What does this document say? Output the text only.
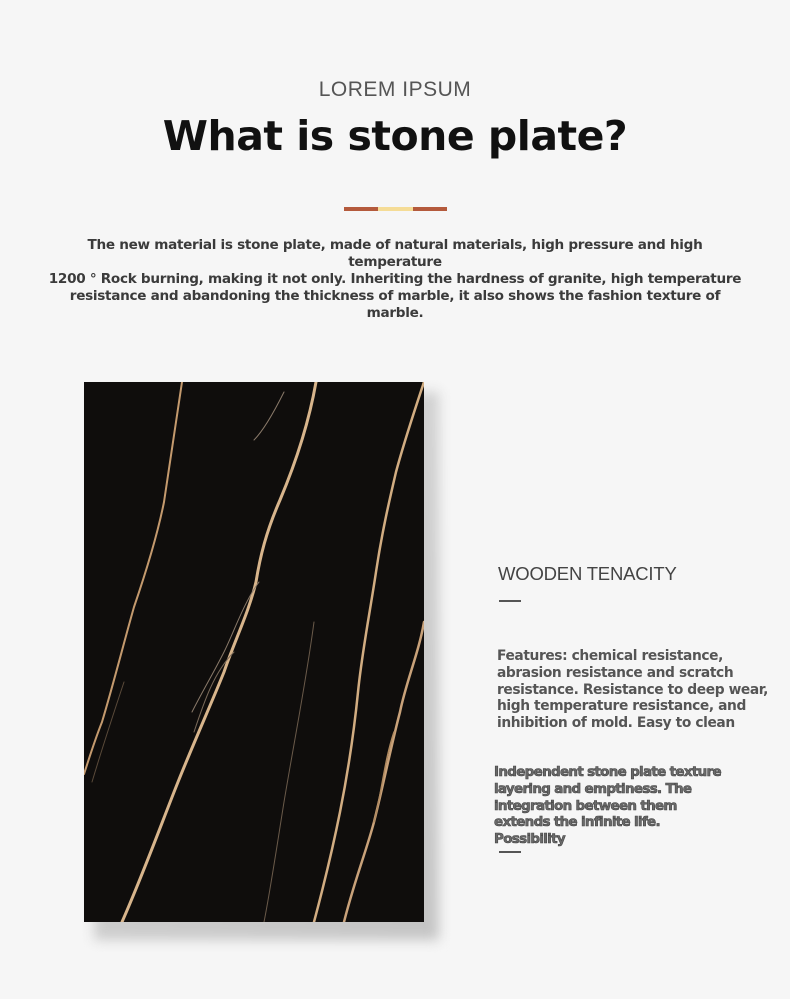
LOREM IPSUM
What is stone plate?
The new material is stone plate, made of natural materials, high pressure and high temperature
1200 ° Rock burning, making it not only. Inheriting the hardness of granite, high temperature
resistance and abandoning the thickness of marble, it also shows the fashion texture of marble.
WOODEN TENACITY
Features: chemical resistance,
abrasion resistance and scratch
resistance. Resistance to deep wear,
high temperature resistance, and
inhibition of mold. Easy to clean
Independent stone plate texture
layering and emptiness. The
integration between them
extends the infinite life.
Possibility
